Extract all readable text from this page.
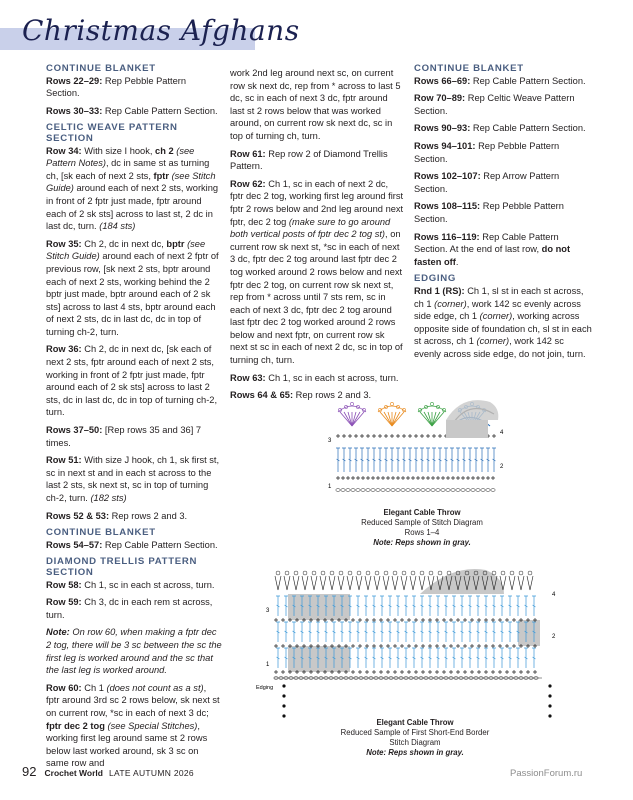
Christmas Afghans
CONTINUE BLANKET
Rows 22–29: Rep Pebble Pattern Section.
Rows 30–33: Rep Cable Pattern Section.
CELTIC WEAVE PATTERN SECTION
Row 34: With size I hook, ch 2 (see Pattern Notes), dc in same st as turning ch, [sk each of next 2 sts, fptr (see Stitch Guide) around each of next 2 sts, working in front of 2 fptr just made, fptr around each of 2 sk sts] across to last st, 2 dc in last dc, turn. (184 sts)
Row 35: Ch 2, dc in next dc, bptr (see Stitch Guide) around each of next 2 fptr of previous row, [sk next 2 sts, bptr around each of next 2 sts, working behind the 2 bptr just made, bptr around each of 2 sk sts] across to last 4 sts, bptr around each of next 2 sts, dc in last dc, dc in top of turning ch-2, turn.
Row 36: Ch 2, dc in next dc, [sk each of next 2 sts, fptr around each of next 2 sts, working in front of 2 fptr just made, fptr around each of 2 sk sts] across to last 2 sts, dc in last dc, dc in top of turning ch-2, turn.
Rows 37–50: [Rep rows 35 and 36] 7 times.
Row 51: With size J hook, ch 1, sk first st, sc in next st and in each st across to the last 2 sts, sk next st, sc in top of turning ch-2, turn. (182 sts)
Rows 52 & 53: Rep rows 2 and 3.
CONTINUE BLANKET
Rows 54–57: Rep Cable Pattern Section.
DIAMOND TRELLIS PATTERN SECTION
Row 58: Ch 1, sc in each st across, turn.
Row 59: Ch 3, dc in each rem st across, turn.
Note: On row 60, when making a fptr dec 2 tog, there will be 3 sc between the sc the first leg is worked around and the sc that the last leg is worked around.
Row 60: Ch 1 (does not count as a st), fptr around 3rd sc 2 rows below, sk next st on current row, *sc in each of next 3 dc; fptr dec 2 tog (see Special Stitches), working first leg around same st 2 rows below last worked around, sk 3 sc on same row and
work 2nd leg around next sc, on current row sk next dc, rep from * across to last 5 dc, sc in each of next 3 dc, fptr around last st 2 rows below that was worked around, on current row sk next dc, sc in top of turning ch, turn.
Row 61: Rep row 2 of Diamond Trellis Pattern.
Row 62: Ch 1, sc in each of next 2 dc, fptr dec 2 tog, working first leg around first fptr 2 rows below and 2nd leg around next fptr, dec 2 tog (make sure to go around both vertical posts of fptr dec 2 tog st), on current row sk next st, *sc in each of next 3 dc, fptr dec 2 tog around last fptr dec 2 tog worked around 2 rows below and next fptr dec 2 tog, on current row sk next st, rep from * across until 7 sts rem, sc in each of next 3 dc, fptr dec 2 tog around last fptr dec 2 tog worked around 2 rows below and next fptr, on current row sk next st sc in each of next 2 dc, sc in top of turning ch, turn.
Row 63: Ch 1, sc in each st across, turn.
Rows 64 & 65: Rep rows 2 and 3.
CONTINUE BLANKET
Rows 66–69: Rep Cable Pattern Section.
Row 70–89: Rep Celtic Weave Pattern Section.
Rows 90–93: Rep Cable Pattern Section.
Rows 94–101: Rep Pebble Pattern Section.
Rows 102–107: Rep Arrow Pattern Section.
Rows 108–115: Rep Pebble Pattern Section.
Rows 116–119: Rep Cable Pattern Section. At the end of last row, do not fasten off.
EDGING
Rnd 1 (RS): Ch 1, sl st in each st across, ch 1 (corner), work 142 sc evenly across side edge, ch 1 (corner), working across opposite side of foundation ch, sl st in each st across, ch 1 (corner), work 142 sc evenly across side edge, do not join, turn.
4
3
2
1
Elegant Cable Throw
Reduced Sample of Stitch Diagram
Rows 1–4
Note: Reps shown in gray.
4
3
2
1
Edging
Elegant Cable Throw
Reduced Sample of First Short-End Border
Stitch Diagram
Note: Reps shown in gray.
92 Crochet World LATE AUTUMN 2026	PassionForum.ru
